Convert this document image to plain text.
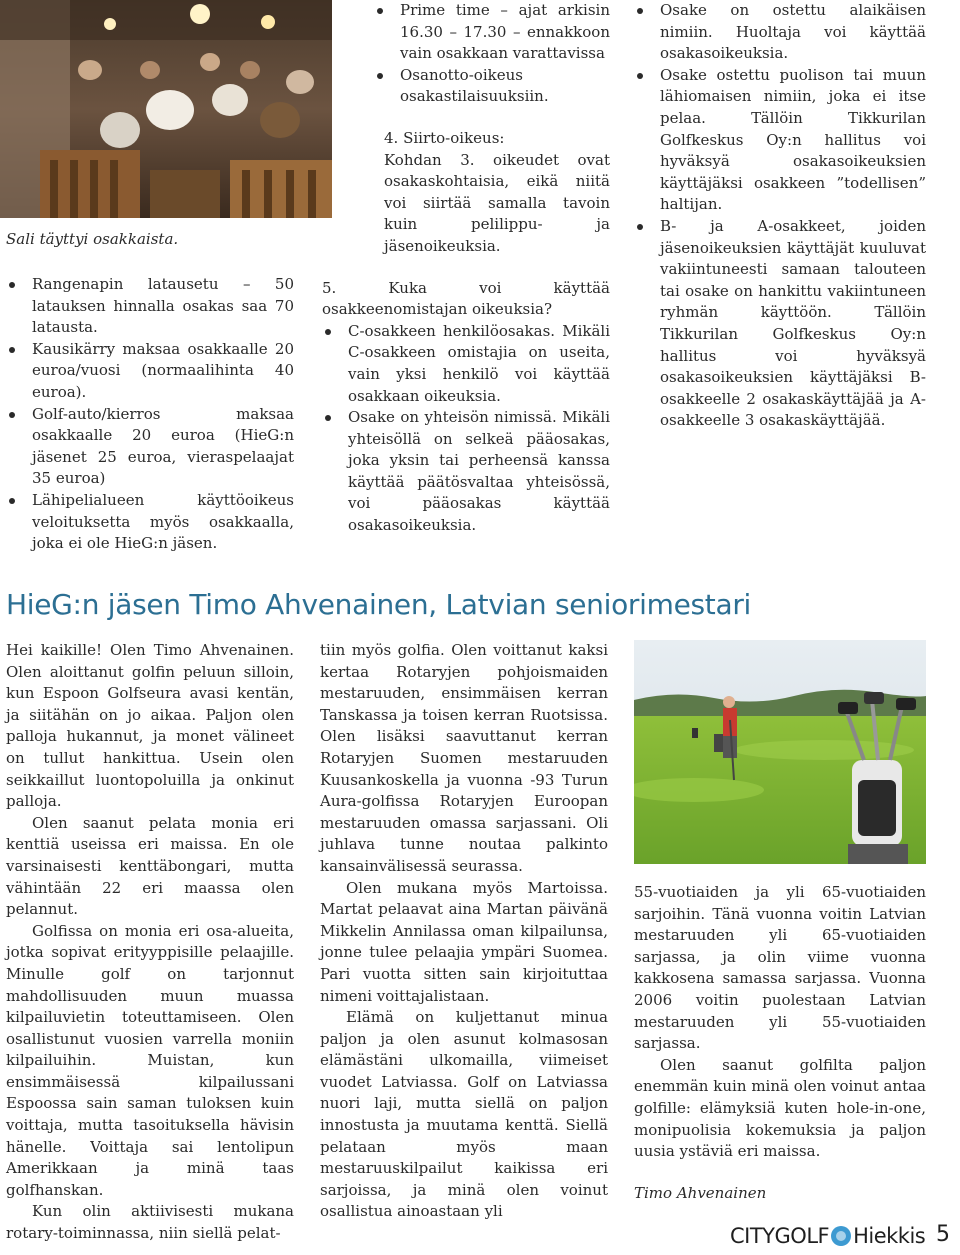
Sali täyttyi osakkaista.
Rangenapin latausetu – 50 latauksen hinnalla osakas saa 70 latausta.
Kausikärry maksaa osakkaalle 20 euroa/vuosi (normaalihinta 40 euroa).
Golf-auto/kierros maksaa osakkaalle 20 euroa (HieG:n jäsenet 25 euroa, vieraspelaajat 35 euroa)
Lähipelialueen käyttöoikeus veloituksetta myös osakkaalla, joka ei ole HieG:n jäsen.
Prime time – ajat arkisin 16.30 – 17.30 – ennakkoon vain osakkaan varattavissa
Osanotto-oikeus osakastilaisuuksiin.

4. Siirto-oikeus:

Kohdan 3. oikeudet ovat osakaskohtaisia, eikä niitä voi siirtää samalla tavoin kuin pelilippu- ja jäsenoikeuksia.

5. Kuka voi käyttää osakkeenomistajan oikeuksia?

C-osakkeen henkilöosakas. Mikäli C-osakkeen omistajia on useita, vain yksi henkilö voi käyttää osakkaan oikeuksia.
Osake on yhteisön nimissä. Mikäli yhteisöllä on selkeä pääosakas, joka yksin tai perheensä kanssa käyttää päätösvaltaa yhteisössä, voi pääosakas käyttää osakasoikeuksia.
Osake on ostettu alaikäisen nimiin. Huoltaja voi käyttää osakasoikeuksia.
Osake ostettu puolison tai muun lähiomaisen nimiin, joka ei itse pelaa. Tällöin Tikkurilan Golfkeskus Oy:n hallitus voi hyväksyä osakasoikeuksien käyttäjäksi osakkeen ”todellisen” haltijan.
B- ja A-osakkeet, joiden jäsenoikeuksien käyttäjät kuuluvat vakiintuneesti samaan talouteen tai osake on hankittu vakiintuneen ryhmän käyttöön. Tällöin Tikkurilan Golfkeskus Oy:n hallitus voi hyväksyä osakasoikeuksien käyttäjäksi B-osakkeelle 2 osakaskäyttäjää ja A-osakkeelle 3 osakaskäyttäjää.
HieG:n jäsen Timo Ahvenainen, Latvian seniorimestari

Hei kaikille! Olen Timo Ahvenainen. Olen aloittanut golfin peluun silloin, kun Espoon Golfseura avasi kentän, ja siitähän on jo aikaa. Paljon olen palloja hukannut, ja monet välineet on tullut hankittua. Usein olen seikkaillut luontopoluilla ja onkinut palloja.

Olen saanut pelata monia eri kenttiä useissa eri maissa. En ole varsinaisesti kenttäbongari, mutta vähintään 22 eri maassa olen pelannut.

Golfissa on monia eri osa-alueita, jotka sopivat erityyppisille pelaajille. Minulle golf on tarjonnut mahdollisuuden muun muassa kilpailuvietin toteuttamiseen. Olen osallistunut vuosien varrella moniin kilpailuihin. Muistan, kun ensimmäisessä kilpailussani Espoossa sain saman tuloksen kuin voittaja, mutta tasoituksella hävisin hänelle. Voittaja sai lentolipun Amerikkaan ja minä taas golfhanskan.

Kun olin aktiivisesti mukana rotary-toiminnassa, niin siellä pelat-

tiin myös golfia. Olen voittanut kaksi kertaa Rotaryjen pohjoismaiden mestaruuden, ensimmäisen kerran Tanskassa ja toisen kerran Ruotsissa. Olen lisäksi saavuttanut kerran Rotaryjen Suomen mestaruuden Kuusankoskella ja vuonna -93 Turun Aura-golfissa Rotaryjen Euroopan mestaruuden omassa sarjassani. Oli juhlava tunne noutaa palkinto kansainvälisessä seurassa.

Olen mukana myös Martoissa. Martat pelaavat aina Martan päivänä Mikkelin Annilassa oman kilpailunsa, jonne tulee pelaajia ympäri Suomea. Pari vuotta sitten sain kirjoituttaa nimeni voittajalistaan.

Elämä on kuljettanut minua paljon ja olen asunut kolmasosan elämästäni ulkomailla, viimeiset vuodet Latviassa. Golf on Latviassa nuori laji, mutta siellä on paljon innostusta ja muutama kenttä. Siellä pelataan myös maan mestaruuskilpailut kaikissa eri sarjoissa, ja minä olen voinut osallistua ainoastaan yli

55-vuotiaiden ja yli 65-vuotiaiden sarjoihin. Tänä vuonna voitin Latvian mestaruuden yli 65-vuotiaiden sarjassa, ja olin viime vuonna kakkosena samassa sarjassa. Vuonna 2006 voitin puolestaan Latvian mestaruuden yli 55-vuotiaiden sarjassa.

Olen saanut golfilta paljon enemmän kuin minä olen voinut antaa golfille: elämyksiä kuten hole-in-one, monipuolisia kokemuksia ja paljon uusia ystäviä eri maissa.

Timo Ahvenainen

CITYGOLF Hiekkis 5
